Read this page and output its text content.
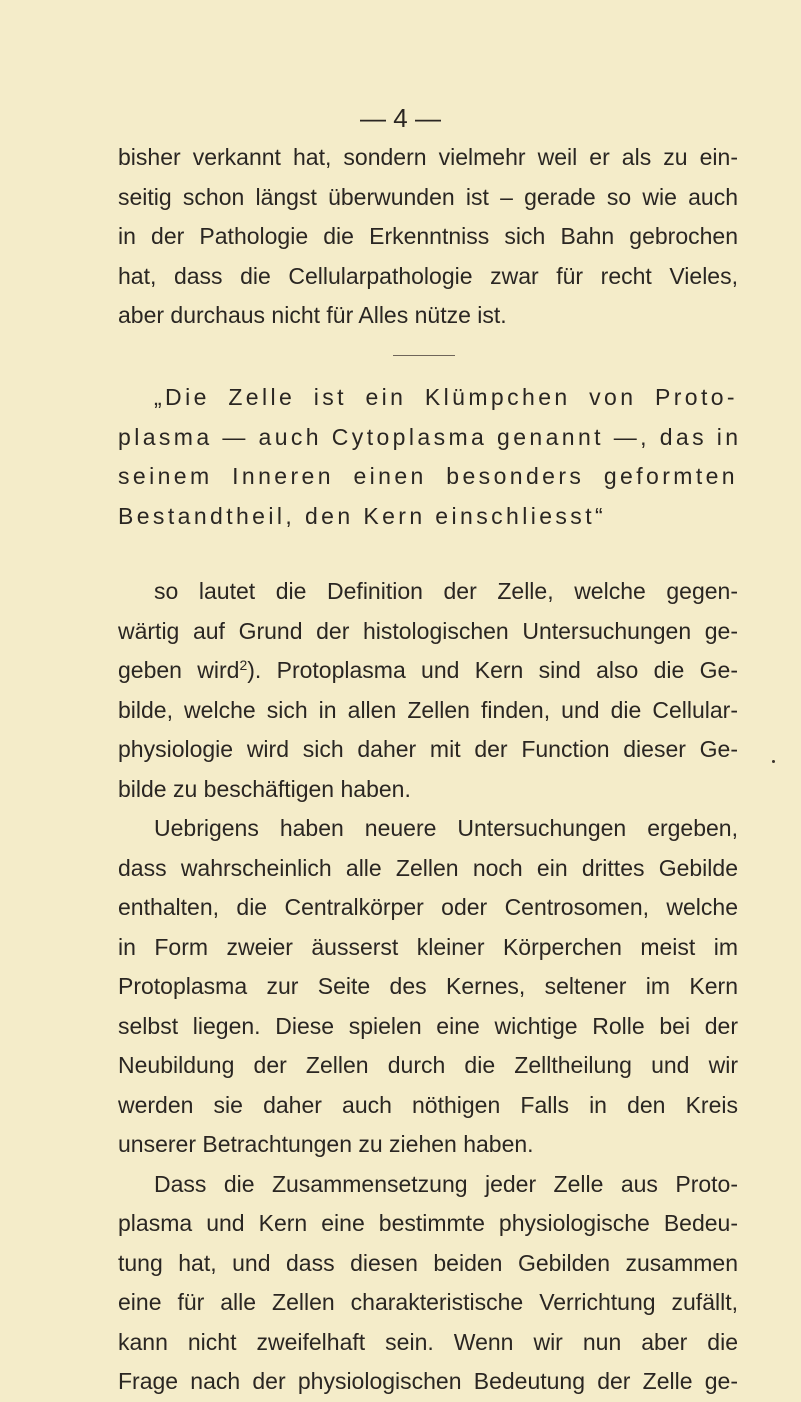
— 4 —
bisher verkannt hat, sondern vielmehr weil er als zu ein-
seitig schon längst überwunden ist – gerade so wie auch
in der Pathologie die Erkenntniss sich Bahn gebrochen
hat, dass die Cellularpathologie zwar für recht Vieles,
aber durchaus nicht für Alles nütze ist.
„Die Zelle ist ein Klümpchen von Proto-
plasma — auch Cytoplasma genannt —, das in
seinem Inneren einen besonders geformten
Bestandtheil, den Kern einschliesst“
so lautet die Definition der Zelle, welche gegen-
wärtig auf Grund der histologischen Untersuchungen ge-
geben wird$^2$). Protoplasma und Kern sind also die Ge-
bilde, welche sich in allen Zellen finden, und die Cellular-
physiologie wird sich daher mit der Function dieser Ge-
bilde zu beschäftigen haben.
Uebrigens haben neuere Untersuchungen ergeben,
dass wahrscheinlich alle Zellen noch ein drittes Gebilde
enthalten, die Centralkörper oder Centrosomen, welche
in Form zweier äusserst kleiner Körperchen meist im
Protoplasma zur Seite des Kernes, seltener im Kern
selbst liegen. Diese spielen eine wichtige Rolle bei der
Neubildung der Zellen durch die Zelltheilung und wir
werden sie daher auch nöthigen Falls in den Kreis
unserer Betrachtungen zu ziehen haben.
Dass die Zusammensetzung jeder Zelle aus Proto-
plasma und Kern eine bestimmte physiologische Bedeu-
tung hat, und dass diesen beiden Gebilden zusammen
eine für alle Zellen charakteristische Verrichtung zufällt,
kann nicht zweifelhaft sein. Wenn wir nun aber die
Frage nach der physiologischen Bedeutung der Zelle ge-
